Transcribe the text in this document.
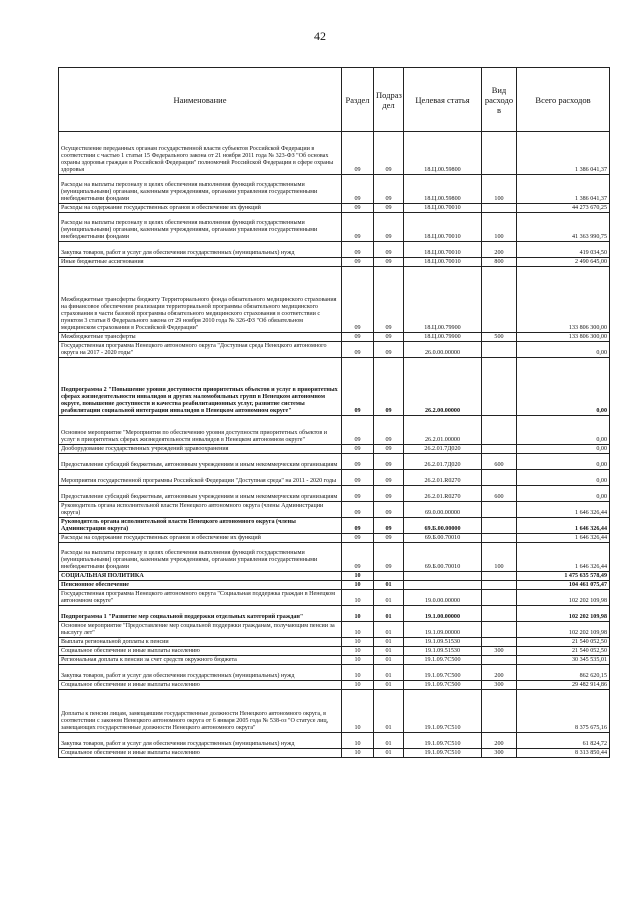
42
Наименование	Раздел	Подраз дел	Целевая статья	Вид расходо в	Всего расходов
Осуществление переданных органам государственной власти субъектов Российской Федерации в соответствии с частью 1 статьи 15 Федерального закона от 21 ноября 2011 года № 323-ФЗ "Об основах охраны здоровья граждан в Российской Федерации" полномочий Российской Федерации в сфере охраны здоровья	09	09	18.Ц.00.59800		1 386 041,37
Расходы на выплаты персоналу в целях обеспечения выполнения функций государственными (муниципальными) органами, казенными учреждениями, органами управления государственными внебюджетными фондами	09	09	18.Ц.00.59800	100	1 386 041,37
Расходы на содержание государственных органов и обеспечение их функций	09	09	18.Ц.00.70010		44 273 670,25
Расходы на выплаты персоналу в целях обеспечения выполнения функций государственными (муниципальными) органами, казенными учреждениями, органами управления государственными внебюджетными фондами	09	09	18.Ц.00.70010	100	41 363 990,75
Закупка товаров, работ и услуг для обеспечения государственных (муниципальных) нужд	09	09	18.Ц.00.70010	200	419 034,50
Иные бюджетные ассигнования	09	09	18.Ц.00.70010	800	2 490 645,00
Межбюджетные трансферты бюджету Территориального фонда обязательного медицинского страхования на финансовое обеспечение реализации территориальной программы обязательного медицинского страхования в части базовой программы обязательного медицинского страхования в соответствии с пунктом 3 статьи 8 Федерального закона от 29 ноября 2010 года № 326-ФЗ "Об обязательном медицинском страховании в Российской Федерации"	09	09	18.Ц.00.79900		133 806 300,00
Межбюджетные трансферты	09	09	18.Ц.00.79900	500	133 806 300,00
Государственная программа Ненецкого автономного округа "Доступная среда Ненецкого автономного округа на 2017 - 2020 годы"	09	09	26.0.00.00000		0,00
Подпрограмма 2 "Повышение уровня доступности приоритетных объектов и услуг в приоритетных сферах жизнедеятельности инвалидов и других маломобильных групп в Ненецком автономном округе, повышение доступности и качества реабилитационных услуг, развитие системы реабилитации социальной интеграции инвалидов в Ненецком автономном округе"	09	09	26.2.00.00000		0,00
Основное мероприятие "Мероприятия по обеспечению уровня доступности приоритетных объектов и услуг в приоритетных сферах жизнедеятельности инвалидов в Ненецком автономном округе"	09	09	26.2.01.00000		0,00
Дооборудование государственных учреждений здравоохранения	09	09	26.2.01.7Д020		0,00
Предоставление субсидий бюджетным, автономным учреждениям и иным некоммерческим организациям	09	09	26.2.01.7Д020	600	0,00
Мероприятия государственной программы Российской Федерации "Доступная среда" на 2011 - 2020 годы	09	09	26.2.01.R0270		0,00
Предоставление субсидий бюджетным, автономным учреждениям и иным некоммерческим организациям	09	09	26.2.01.R0270	600	0,00
Руководитель органа исполнительной власти Ненецкого автономного округа (члены Администрации округа)	09	09	69.0.00.00000		1 646 326,44
Руководитель органа исполнительной власти Ненецкого автономного округа (члены Администрации округа)	09	09	69.Б.00.00000		1 646 326,44
Расходы на содержание государственных органов и обеспечение их функций	09	09	69.Б.00.70010		1 646 326,44
Расходы на выплаты персоналу в целях обеспечения выполнения функций государственными (муниципальными) органами, казенными учреждениями, органами управления государственными внебюджетными фондами	09	09	69.Б.00.70010	100	1 646 326,44
СОЦИАЛЬНАЯ ПОЛИТИКА	10				1 475 635 578,49
Пенсионное обеспечение	10	01			104 461 075,47
Государственная программа Ненецкого автономного округа "Социальная поддержка граждан в Ненецком автономном округе"	10	01	19.0.00.00000		102 202 109,98
Подпрограмма 1 "Развитие мер социальной поддержки отдельных категорий граждан"	10	01	19.1.00.00000		102 202 109,98
Основное мероприятие "Предоставление мер социальной поддержки гражданам, получающим пенсии за выслугу лет"	10	01	19.1.09.00000		102 202 109,98
Выплата региональной доплаты к пенсии	10	01	19.1.09.51530		21 540 052,50
Социальное обеспечение и иные выплаты населению	10	01	19.1.09.51530	300	21 540 052,50
Региональная доплата к пенсии за счет средств окружного бюджета	10	01	19.1.09.7С500		30 345 535,01
Закупка товаров, работ и услуг для обеспечения государственных (муниципальных) нужд	10	01	19.1.09.7С500	200	862 620,15
Социальное обеспечение и иные выплаты населению	10	01	19.1.09.7С500	300	29 482 914,86
Доплаты к пенсии лицам, замещавшим государственные должности Ненецкого автономного округа, в соответствии с законом Ненецкого автономного округа от 6 января 2005 года № 538-оз "О статусе лиц, замещающих государственные должности Ненецкого автономного округа"	10	01	19.1.09.7С510		8 375 675,16
Закупка товаров, работ и услуг для обеспечения государственных (муниципальных) нужд	10	01	19.1.09.7С510	200	61 824,72
Социальное обеспечение и иные выплаты населению	10	01	19.1.09.7С510	300	8 313 850,44
